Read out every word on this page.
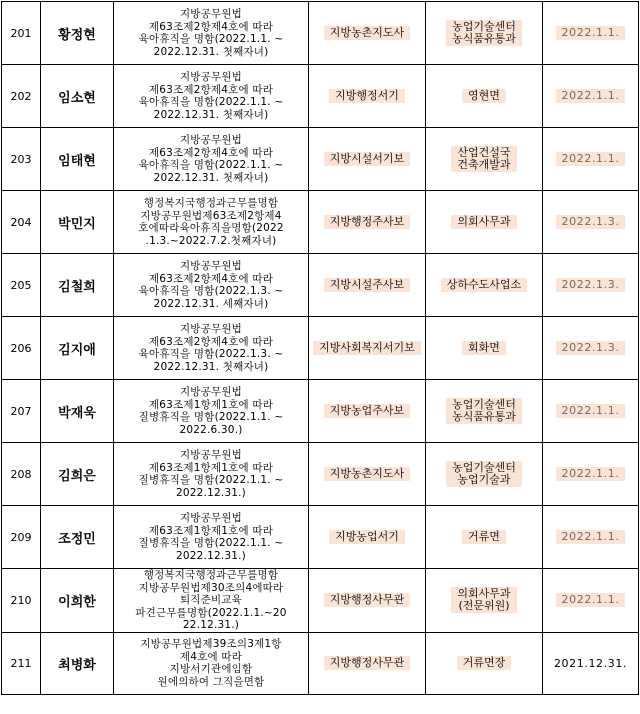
201	황정현	지방공무원법
제63조제2항제4호에 따라
육아휴직을 명함(2022.1.1. ~
2022.12.31. 첫째자녀)	지방농촌지도사	농업기술센터
농식품유통과	2022.1.1.
202	임소현	지방공무원법
제63조제2항제4호에 따라
육아휴직을 명함(2022.1.1. ~
2022.12.31. 첫째자녀)	지방행정서기	영현면	2022.1.1.
203	임태현	지방공무원법
제63조제2항제4호에 따라
육아휴직을 명함(2022.1.1. ~
2022.12.31. 첫째자녀)	지방시설서기보	산업건설국
건축개발과	2022.1.1.
204	박민지	행정복지국행정과근무를명함
지방공무원법제63조제2항제4
호에따라육아휴직을명함(2022
.1.3.~2022.7.2.첫째자녀)	지방행정주사보	의회사무과	2022.1.3.
205	김철희	지방공무원법
제63조제2항제4호에 따라
육아휴직을 명함(2022.1.3. ~
2022.12.31. 세째자녀)	지방시설주사보	상하수도사업소	2022.1.3.
206	김지애	지방공무원법
제63조제2항제4호에 따라
육아휴직을 명함(2022.1.3. ~
2022.12.31. 첫째자녀)	지방사회복지서기보	회화면	2022.1.3.
207	박재욱	지방공무원법
제63조제1항제1호에 따라
질병휴직을 명함(2022.1.1. ~
2022.6.30.)	지방농업주사보	농업기술센터
농식품유통과	2022.1.1.
208	김희은	지방공무원법
제63조제1항제1호에 따라
질병휴직을 명함(2022.1.1. ~
2022.12.31.)	지방농촌지도사	농업기술센터
농업기술과	2022.1.1.
209	조정민	지방공무원법
제63조제1항제1호에 따라
질병휴직을 명함(2022.1.1. ~
2022.12.31.)	지방농업서기	거류면	2022.1.1.
210	이희한	행정복지국행정과근무를명함
지방공무원법제30조의4에따라
퇴직준비교육
파견근무를명함(2022.1.1.~20
22.12.31.)	지방행정사무관	의회사무과
(전문위원)	2022.1.1.
211	최병화	지방공무원법제39조의3제1항
제4호에 따라
지방서기관에임함
원에의하여 그직을면함	지방행정사무관	거류면장	2021.12.31.
